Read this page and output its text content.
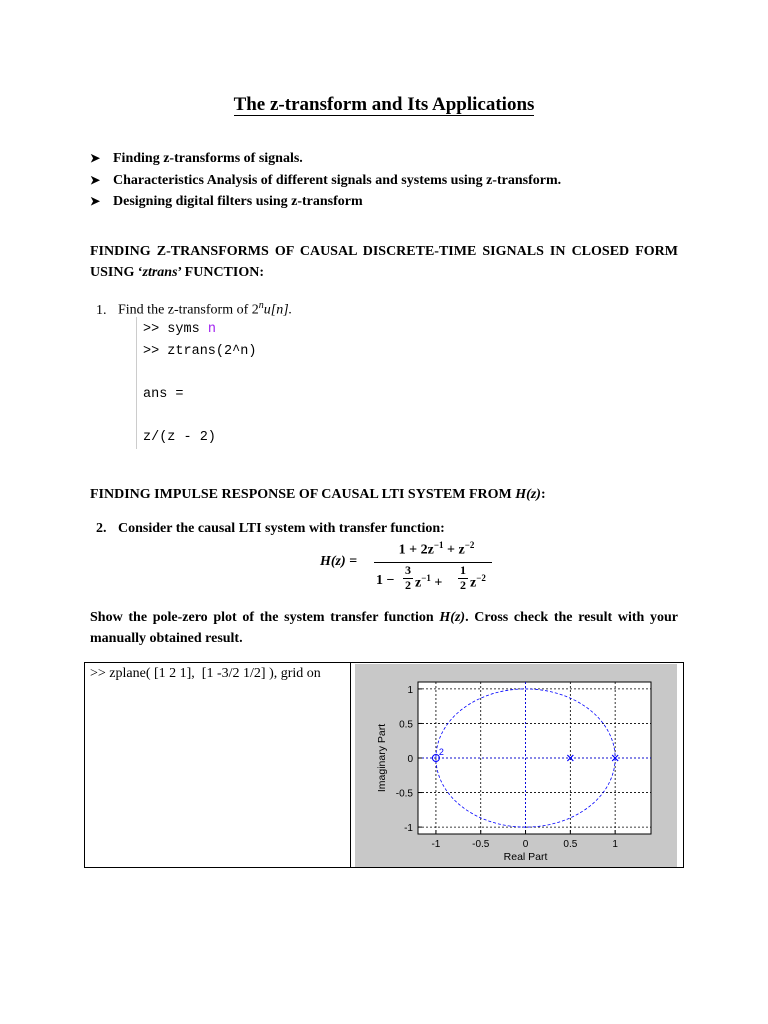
The z-transform and Its Applications
➤ Finding z-transforms of signals.
➤ Characteristics Analysis of different signals and systems using z-transform.
➤ Designing digital filters using z-transform
FINDING Z-TRANSFORMS OF CAUSAL DISCRETE-TIME SIGNALS IN CLOSED FORM USING ‘ztrans’ FUNCTION:
1. Find the z-transform of $2^nu[n]$.
>> syms n
>> ztrans(2^n)
ans =
z/(z - 2)
FINDING IMPULSE RESPONSE OF CAUSAL LTI SYSTEM FROM H(z):
2. Consider the causal LTI system with transfer function:
H(z) =
$1 + 2z^{-1} + z^{-2}$
1 −
3
2 $z^{-1}$ +
1
2 $z^{-2}$
Show the pole-zero plot of the system transfer function H(z). Cross check the result with your manually obtained result.
>> zplane( [1 2 1],  [1 -3/2 1/2] ), grid on
-1	-0.5	0	0.5	1
1
0.5
0
-0.5
-1
Real Part
Imaginary Part	2
